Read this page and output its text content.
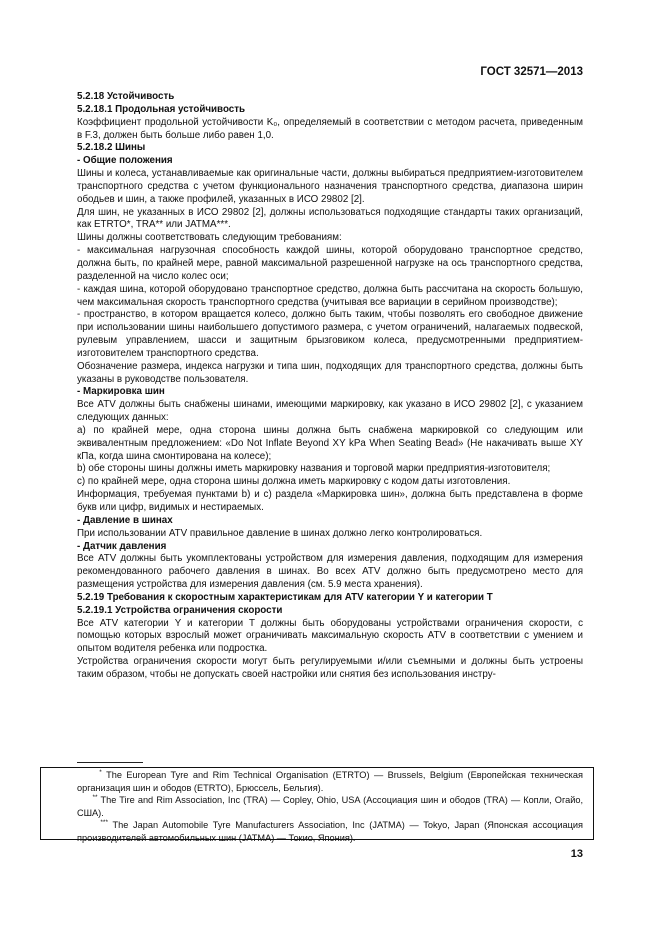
ГОСТ 32571—2013

5.2.18 Устойчивость

5.2.18.1 Продольная устойчивость

Коэффициент продольной устойчивости K₀, определяемый в соответствии с методом расчета, приведенным в F.3, должен быть больше либо равен 1,0.

5.2.18.2 Шины

- Общие положения

Шины и колеса, устанавливаемые как оригинальные части, должны выбираться предприятием-изготовителем транспортного средства с учетом функционального назначения транспортного средства, диапазона ширин ободьев и шин, а также профилей, указанных в ИСО 29802 [2].

Для шин, не указанных в ИСО 29802 [2], должны использоваться подходящие стандарты таких организаций, как ETRTO*, TRA** или JATMA***.

Шины должны соответствовать следующим требованиям:

- максимальная нагрузочная способность каждой шины, которой оборудовано транспортное средство, должна быть, по крайней мере, равной максимальной разрешенной нагрузке на ось транспортного средства, разделенной на число колес оси;

- каждая шина, которой оборудовано транспортное средство, должна быть рассчитана на скорость большую, чем максимальная скорость транспортного средства (учитывая все вариации в серийном производстве);

- пространство, в котором вращается колесо, должно быть таким, чтобы позволять его свободное движение при использовании шины наибольшего допустимого размера, с учетом ограничений, налагаемых подвеской, рулевым управлением, шасси и защитным брызговиком колеса, предусмотренными предприятием-изготовителем транспортного средства.

Обозначение размера, индекса нагрузки и типа шин, подходящих для транспортного средства, должны быть указаны в руководстве пользователя.

- Маркировка шин

Все ATV должны быть снабжены шинами, имеющими маркировку, как указано в ИСО 29802 [2], с указанием следующих данных:

a) по крайней мере, одна сторона шины должна быть снабжена маркировкой со следующим или эквивалентным предложением: «Do Not Inflate Beyond XY kPa When Seating Bead» (Не накачивать выше XY кПа, когда шина смонтирована на колесе);

b) обе стороны шины должны иметь маркировку названия и торговой марки предприятия-изготовителя;

c) по крайней мере, одна сторона шины должна иметь маркировку с кодом даты изготовления.

Информация, требуемая пунктами b) и c) раздела «Маркировка шин», должна быть представлена в форме букв или цифр, видимых и нестираемых.

- Давление в шинах

При использовании ATV правильное давление в шинах должно легко контролироваться.

- Датчик давления

Все ATV должны быть укомплектованы устройством для измерения давления, подходящим для измерения рекомендованного рабочего давления в шинах. Во всех ATV должно быть предусмотрено место для размещения устройства для измерения давления (см. 5.9 места хранения).

5.2.19 Требования к скоростным характеристикам для ATV категории Y и категории T

5.2.19.1 Устройства ограничения скорости

Все ATV категории Y и категории T должны быть оборудованы устройствами ограничения скорости, с помощью которых взрослый может ограничивать максимальную скорость ATV в соответствии с умением и опытом водителя ребенка или подростка.

Устройства ограничения скорости могут быть регулируемыми и/или съемными и должны быть устроены таким образом, чтобы не допускать своей настройки или снятия без использования инстру-

* The European Tyre and Rim Technical Organisation (ETRTO) — Brussels, Belgium (Европейская техническая организация шин и ободов (ETRTO), Брюссель, Бельгия).

** The Tire and Rim Association, Inc (TRA) — Copley, Ohio, USA (Ассоциация шин и ободов (TRA) — Копли, Огайо, США).

*** The Japan Automobile Tyre Manufacturers Association, Inc (JATMA) — Tokyo, Japan (Японская ассоциация производителей автомобильных шин (JATMA) — Токио, Япония).

13
